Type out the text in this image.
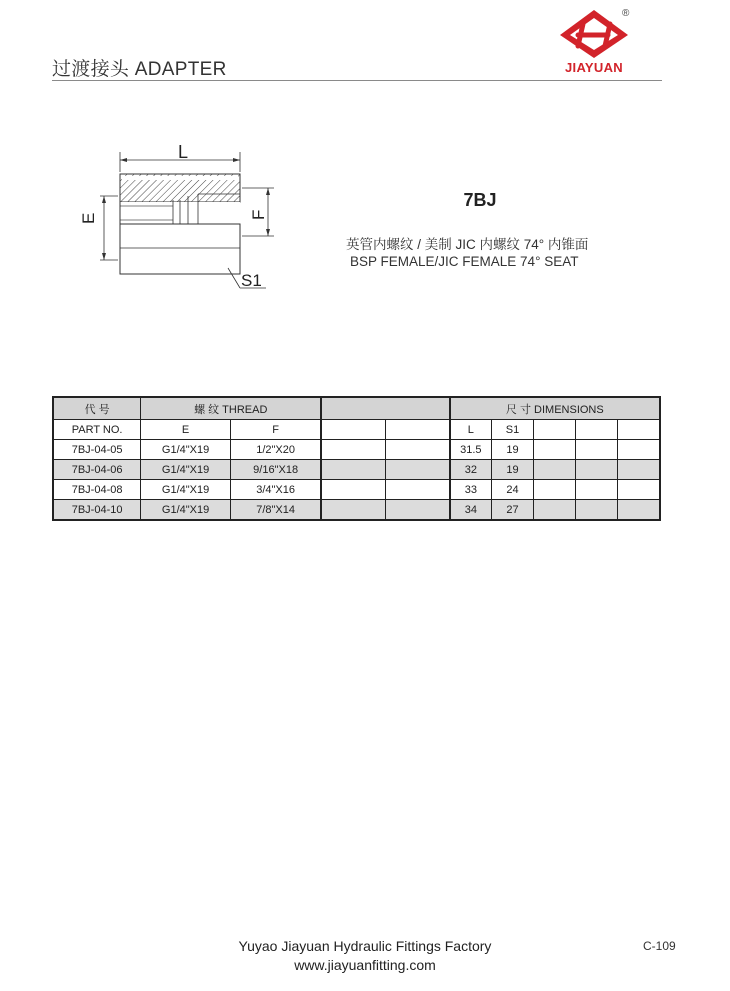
过渡接头 ADAPTER
®
JIAYUAN
L
E	F
S1
7BJ
英管内螺纹 / 美制 JIC 内螺纹 74° 内锥面
BSP FEMALE/JIC FEMALE 74° SEAT
代 号	螺 纹 THREAD				尺 寸 DIMENSIONS				
PART NO.	E	F			L	S1			
7BJ-04-05	G1/4"X19	1/2"X20			31.5	19			
7BJ-04-06	G1/4"X19	9/16"X18			32	19			
7BJ-04-08	G1/4"X19	3/4"X16			33	24			
7BJ-04-10	G1/4"X19	7/8"X14			34	27			
Yuyao Jiayuan Hydraulic Fittings Factory
www.jiayuanfitting.com
C-109
